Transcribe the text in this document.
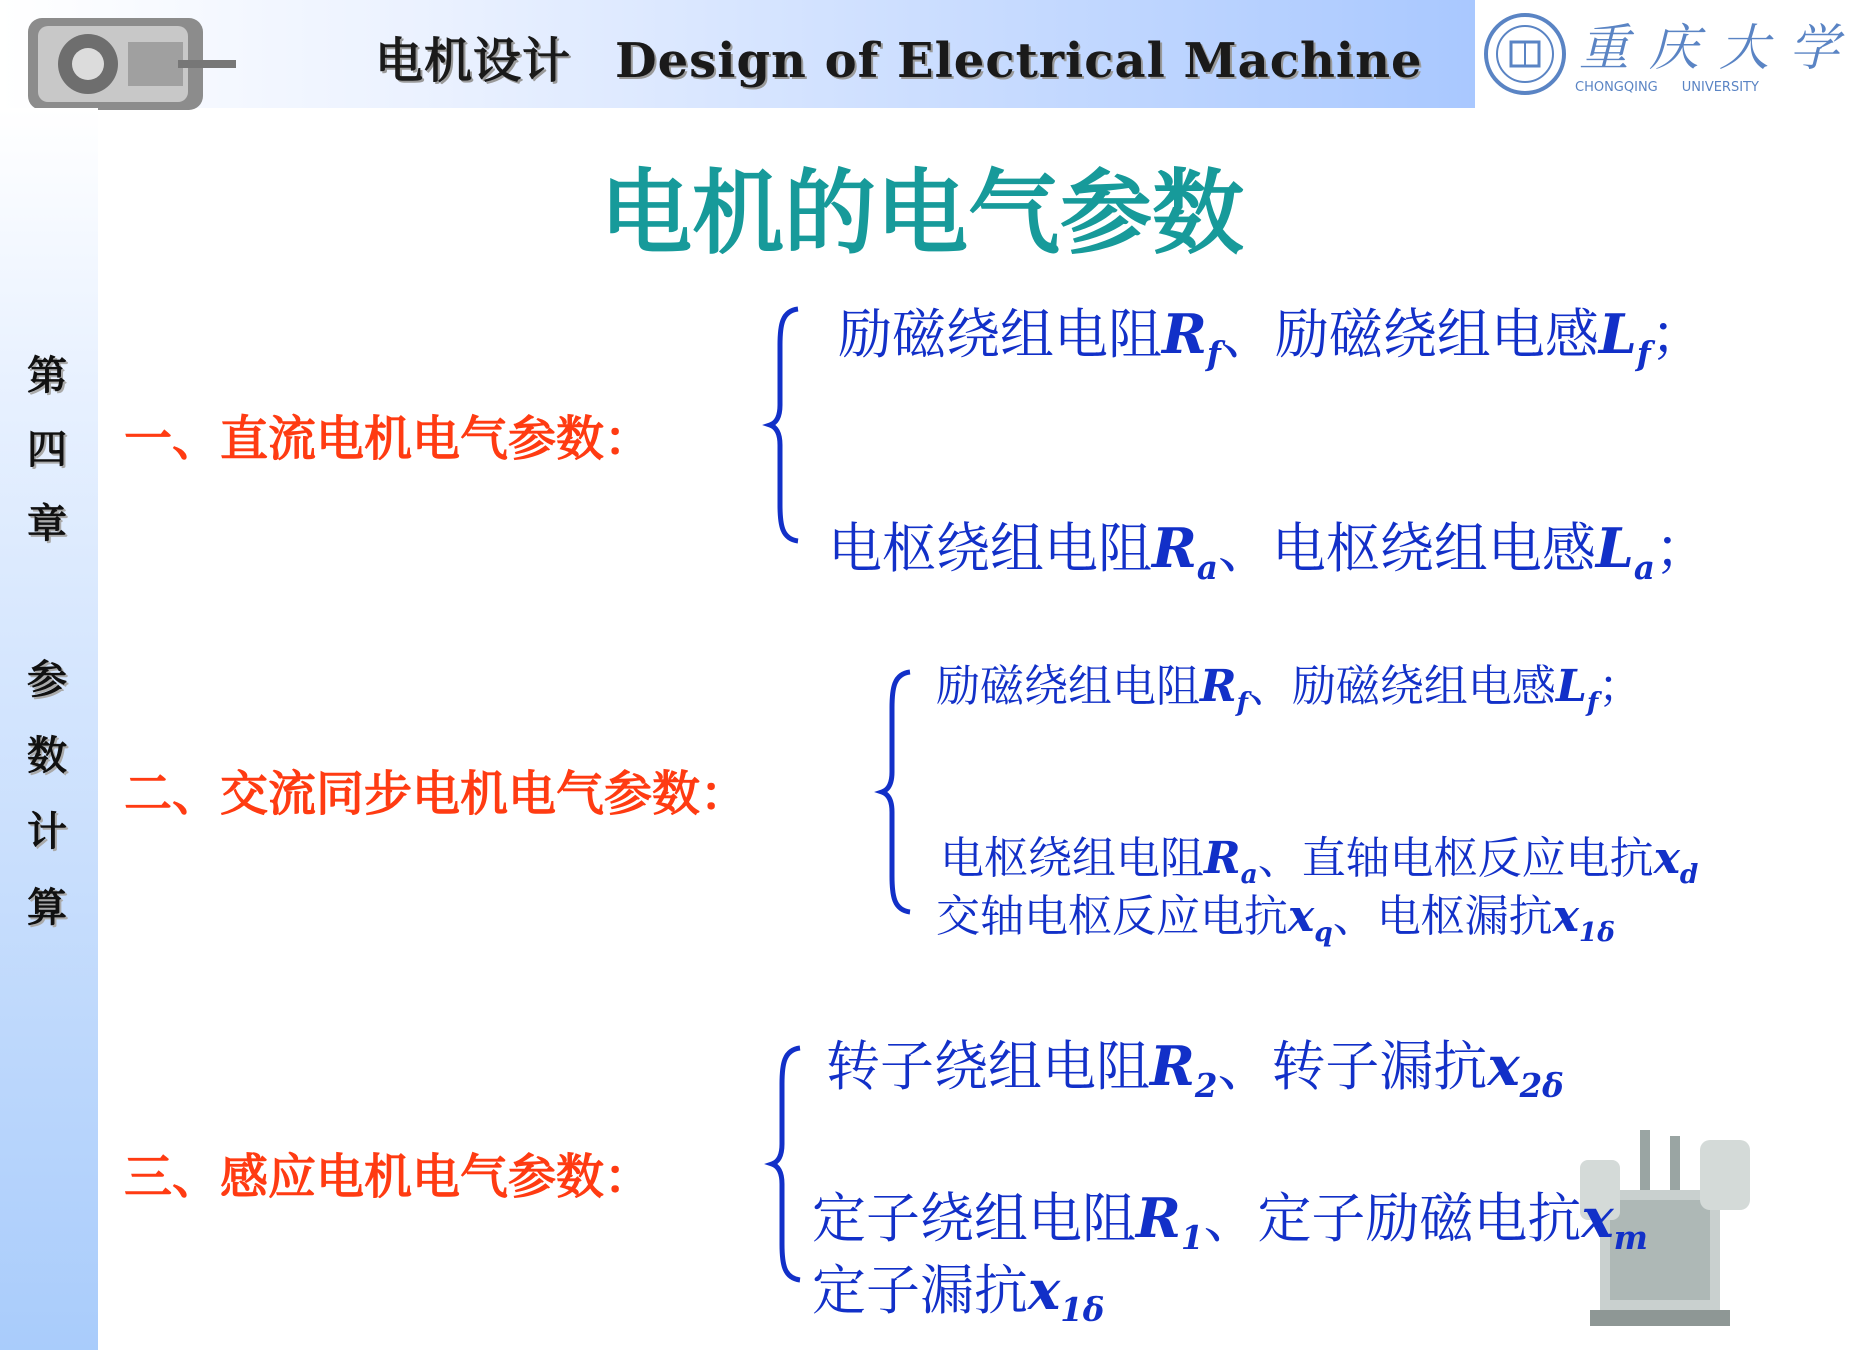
电机设计 Design of Electrical Machine	重庆大学
CHONGQING UNIVERSITY
第
四
章
参
数
计
算
电机的电气参数
一、直流电机电气参数：
励磁绕组电阻$R_f$、励磁绕组电感$L_f$；
电枢绕组电阻$R_a$、电枢绕组电感$L_a$；
二、交流同步电机电气参数：
励磁绕组电阻$R_f$、励磁绕组电感$L_f$；
电枢绕组电阻$R_a$、直轴电枢反应电抗$x_d$
交轴电枢反应电抗$x_q$、电枢漏抗$x_{1\delta}$
三、感应电机电气参数：
转子绕组电阻$R_2$、转子漏抗$x_{2\delta}$
定子绕组电阻$R_1$、定子励磁电抗$x_m$
定子漏抗$x_{1\delta}$
